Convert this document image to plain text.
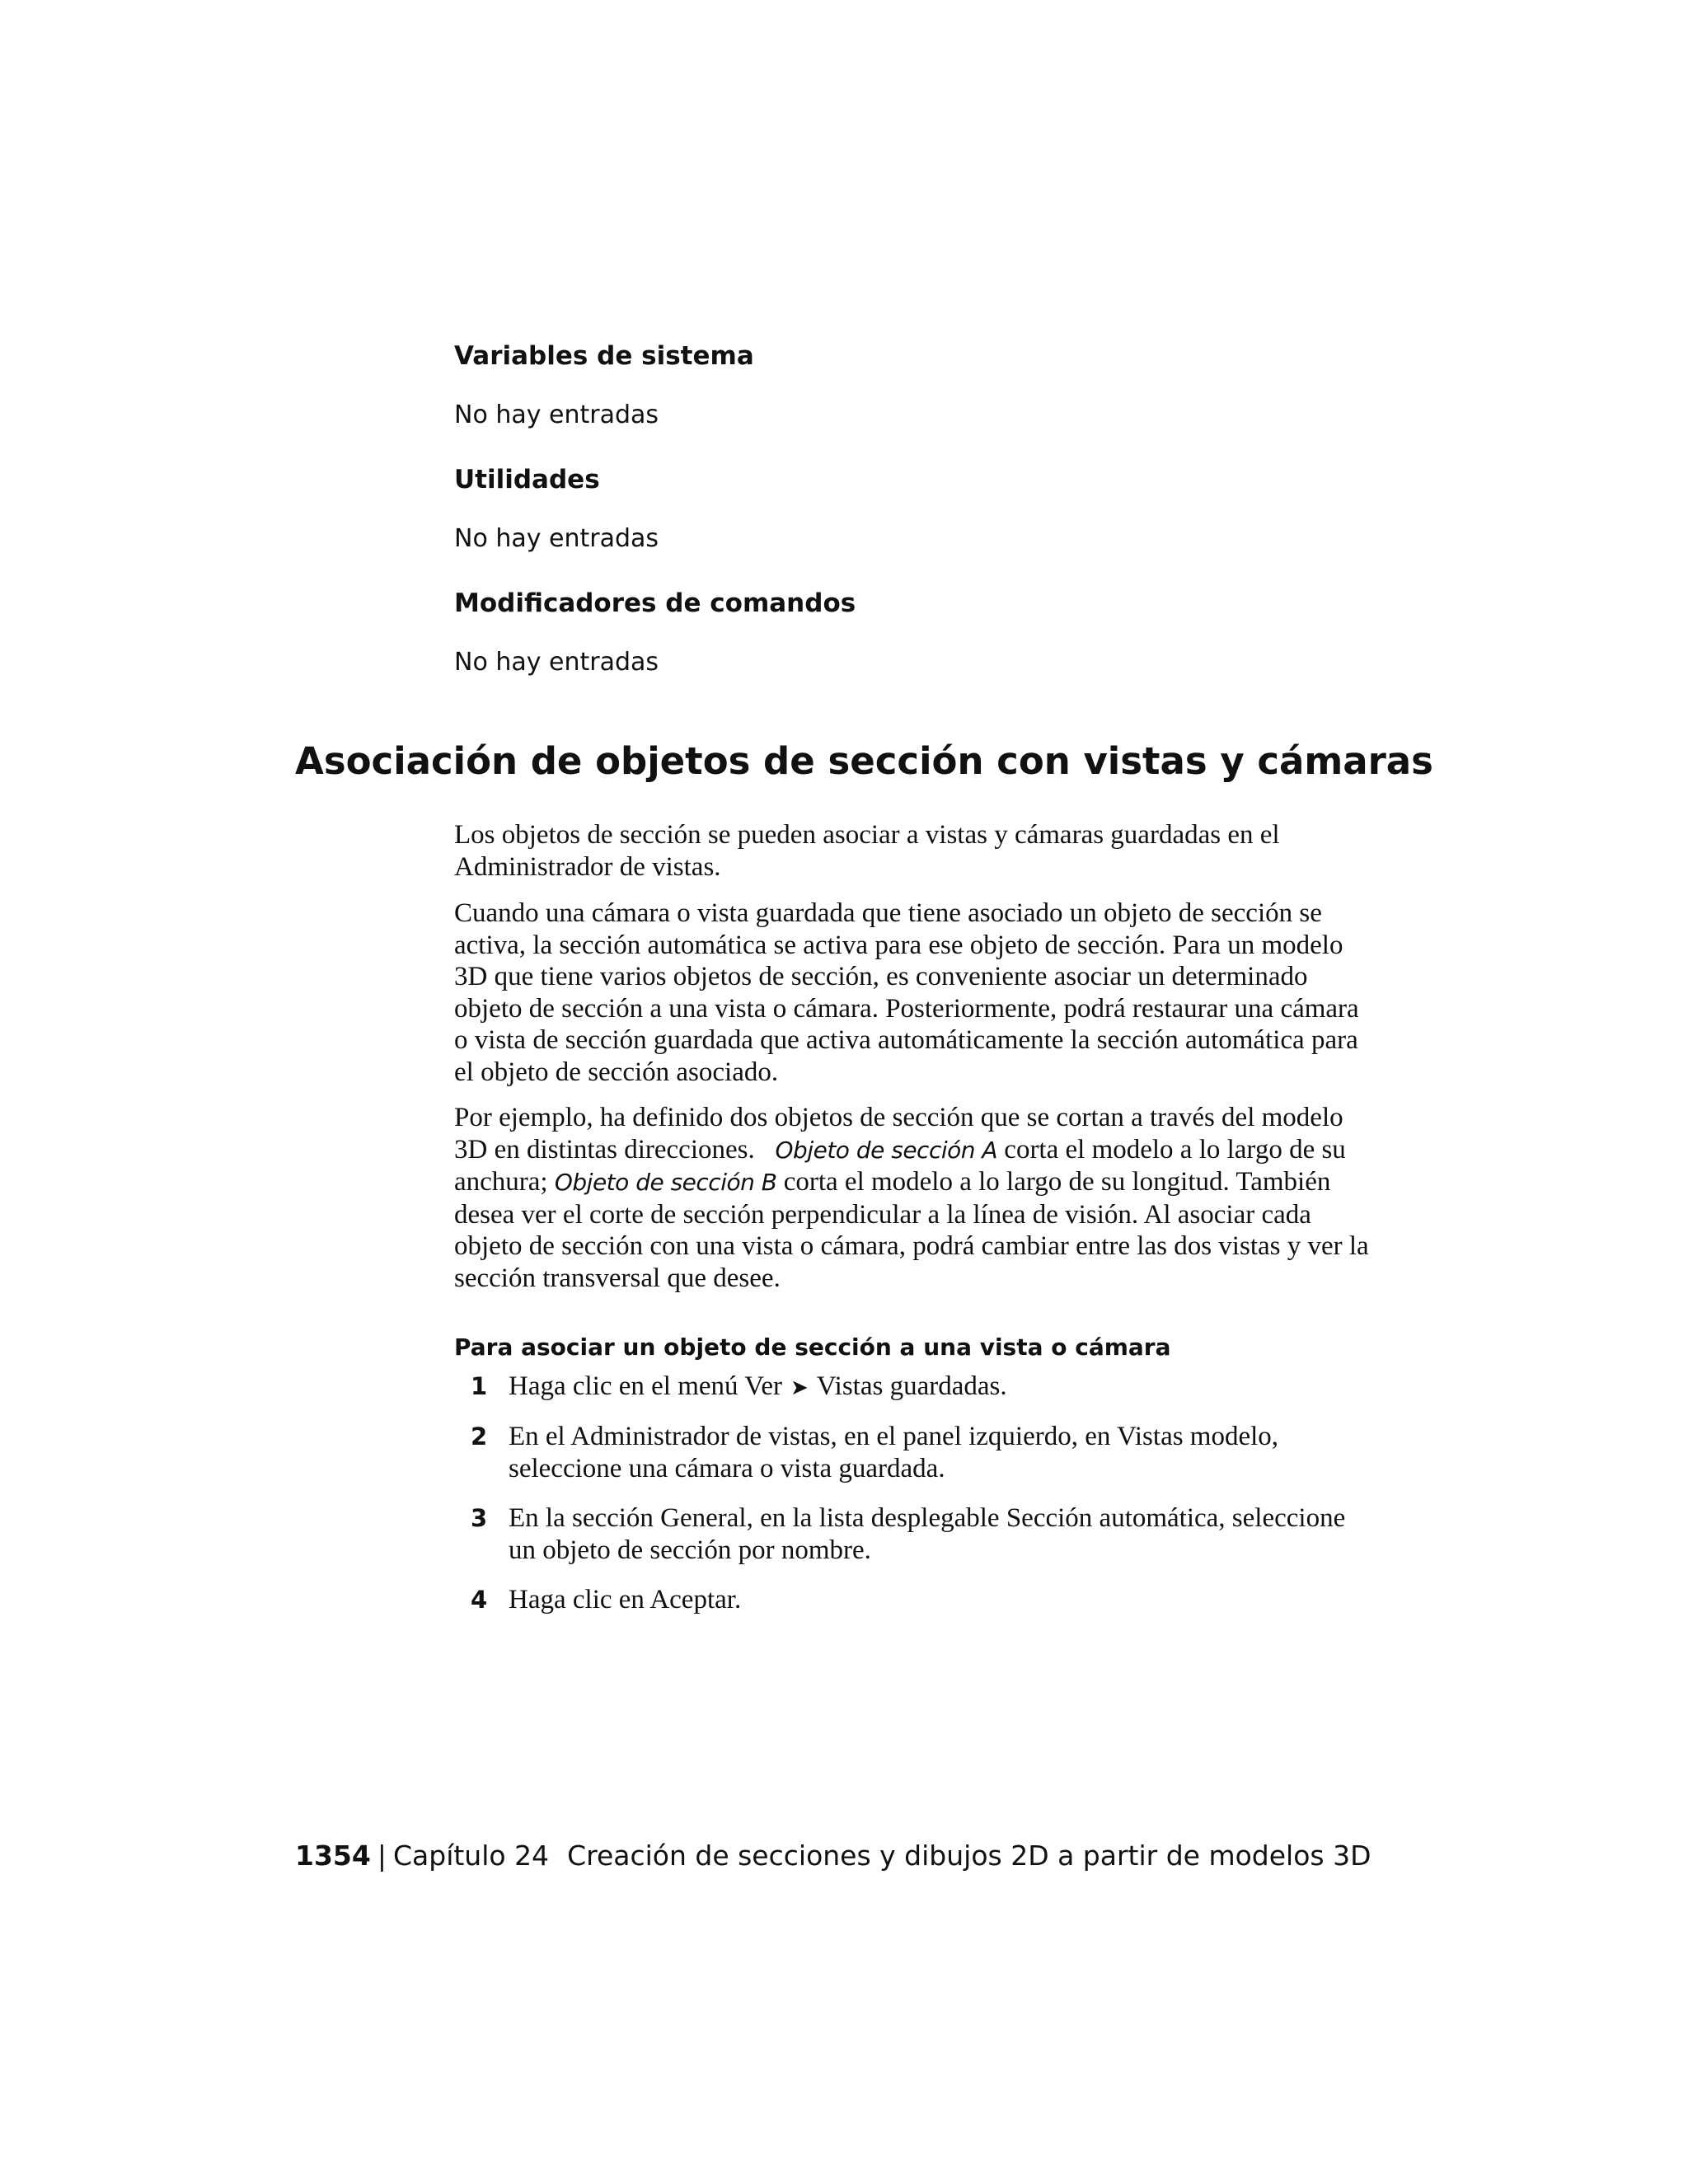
Variables de sistema

No hay entradas

Utilidades

No hay entradas

Modificadores de comandos

No hay entradas

Asociación de objetos de sección con vistas y cámaras

Los objetos de sección se pueden asociar a vistas y cámaras guardadas en el Administrador de vistas.

Cuando una cámara o vista guardada que tiene asociado un objeto de sección se activa, la sección automática se activa para ese objeto de sección. Para un modelo 3D que tiene varios objetos de sección, es conveniente asociar un determinado objeto de sección a una vista o cámara. Posteriormente, podrá restaurar una cámara o vista de sección guardada que activa automáticamente la sección automática para el objeto de sección asociado.

Por ejemplo, ha definido dos objetos de sección que se cortan a través del modelo 3D en distintas direcciones. Objeto de sección A corta el modelo a lo largo de su anchura; Objeto de sección B corta el modelo a lo largo de su longitud. También desea ver el corte de sección perpendicular a la línea de visión. Al asociar cada objeto de sección con una vista o cámara, podrá cambiar entre las dos vistas y ver la sección transversal que desee.

Para asociar un objeto de sección a una vista o cámara

1 Haga clic en el menú Ver ➤ Vistas guardadas.
2 En el Administrador de vistas, en el panel izquierdo, en Vistas modelo, seleccione una cámara o vista guardada.
3 En la sección General, en la lista desplegable Sección automática, seleccione un objeto de sección por nombre.
4 Haga clic en Aceptar.
1354 | Capítulo 24 Creación de secciones y dibujos 2D a partir de modelos 3D
